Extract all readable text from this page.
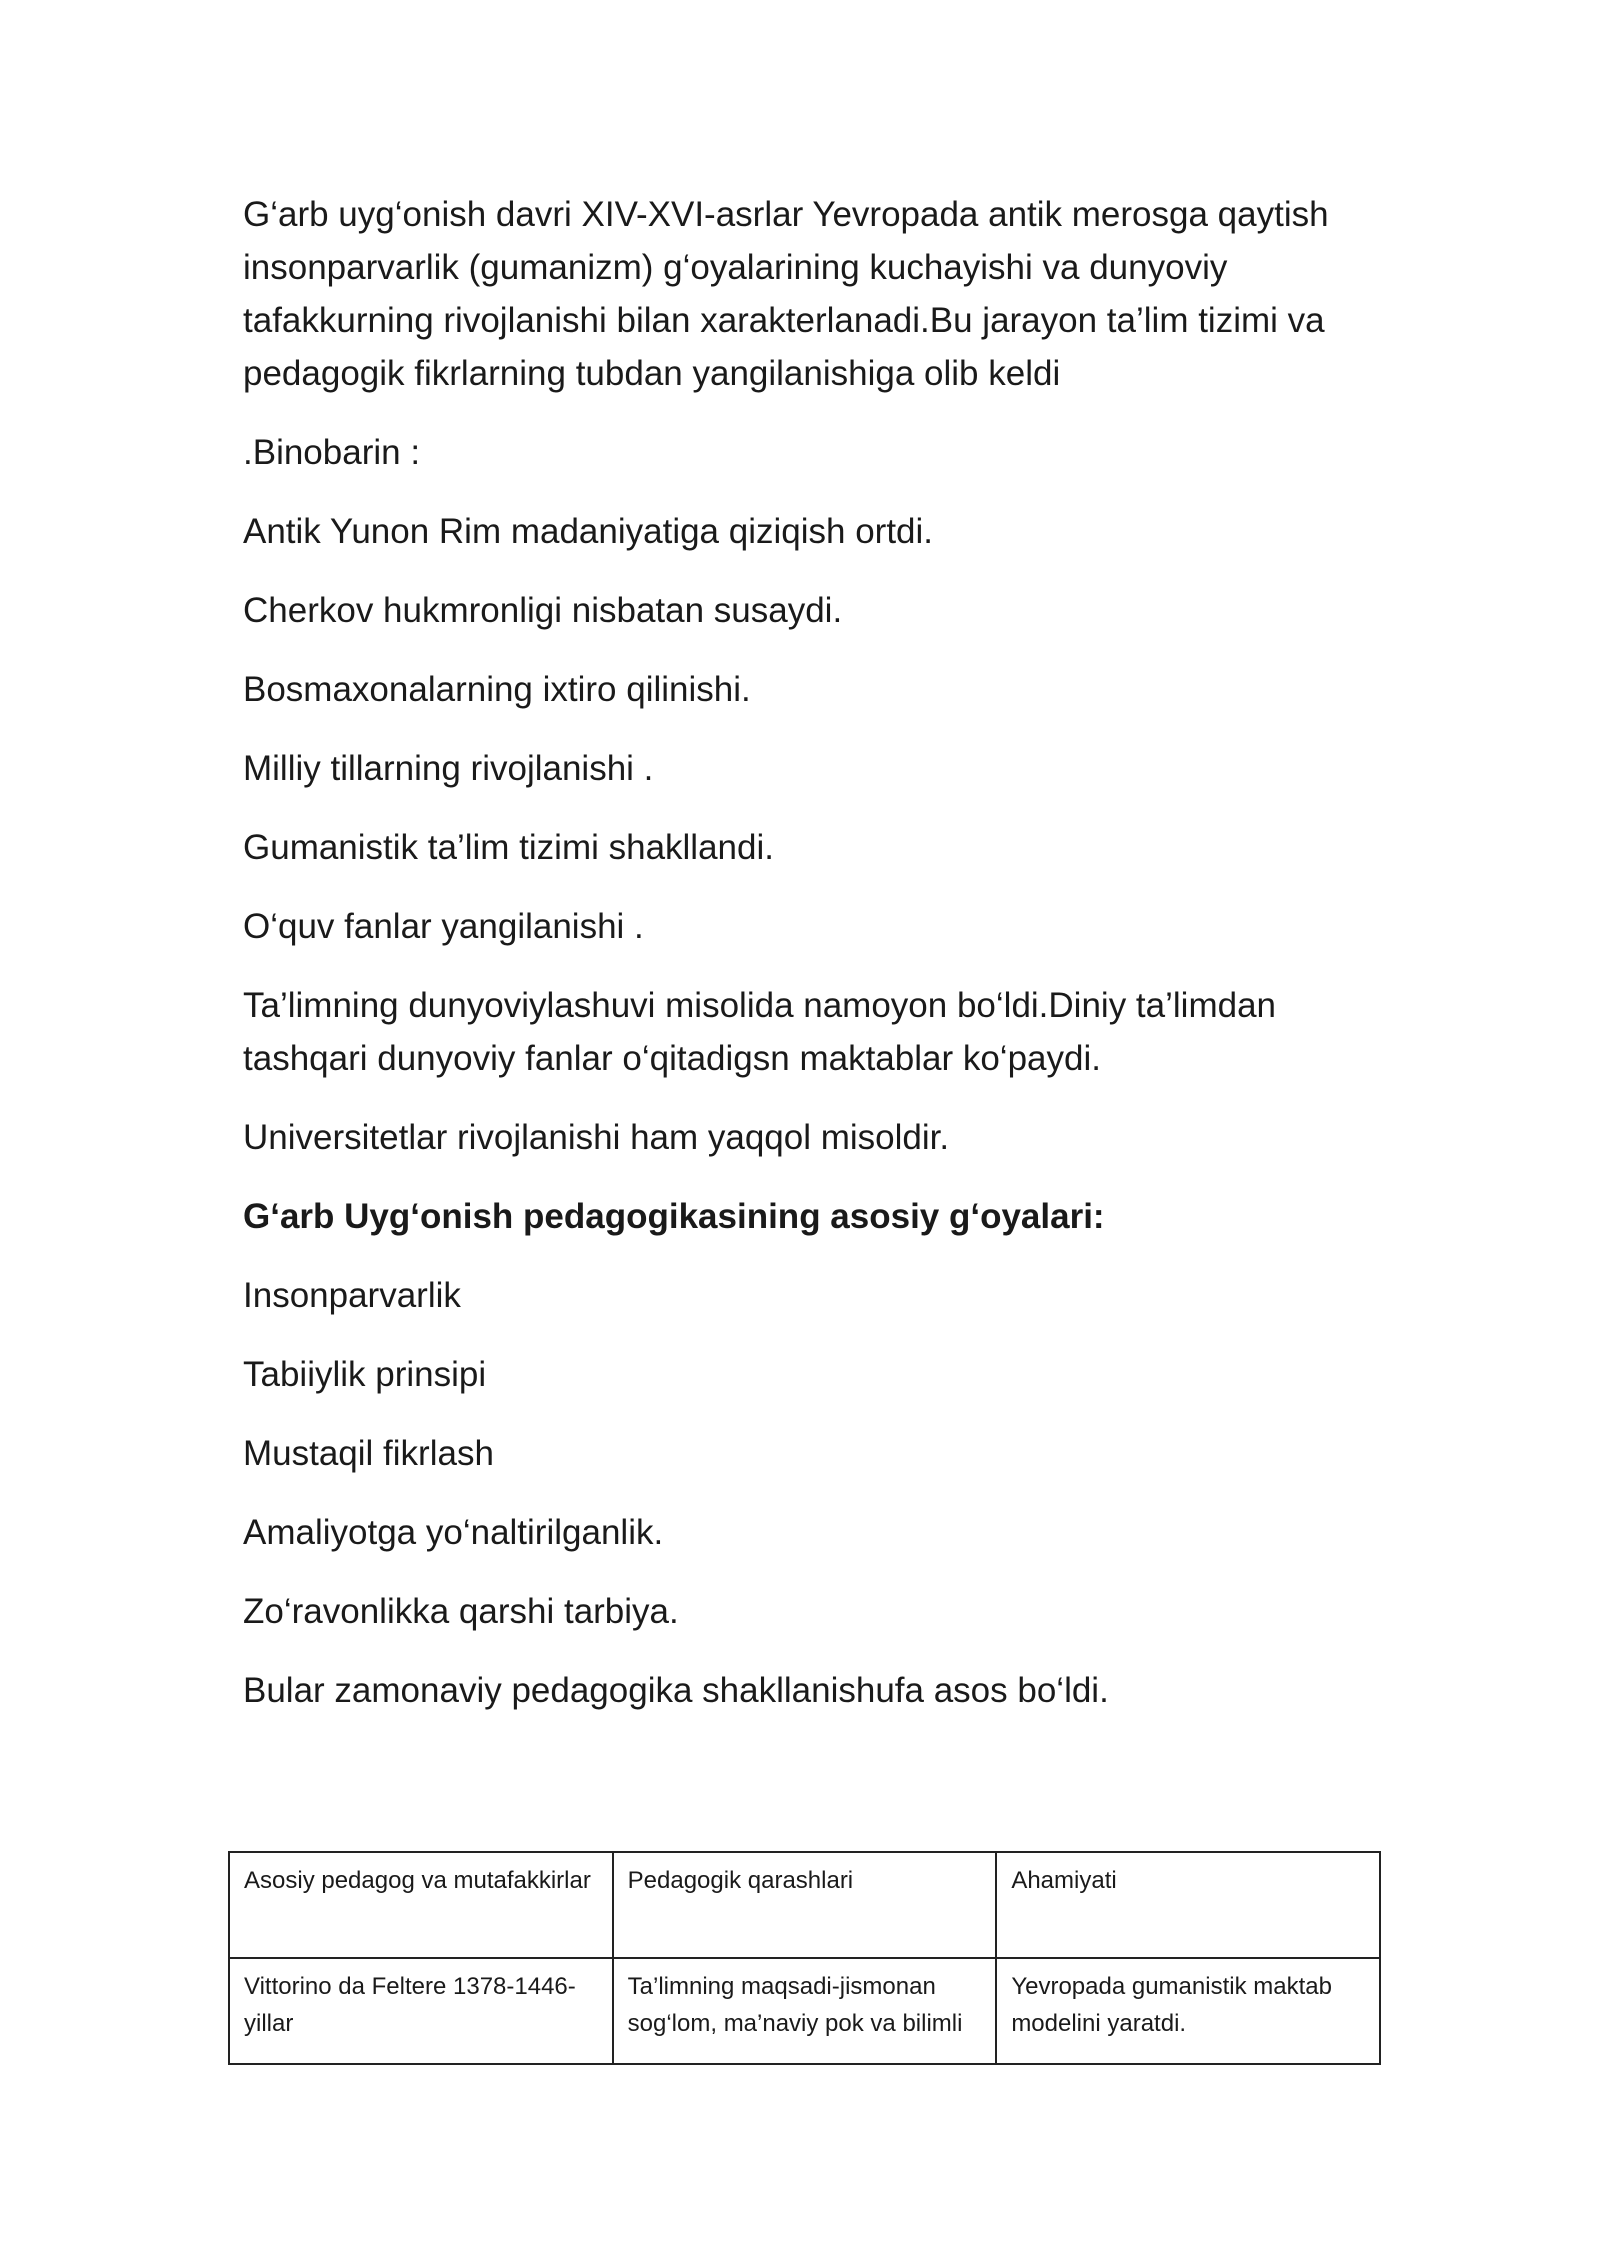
G‘arb uyg‘onish davri XIV-XVI-asrlar Yevropada antik merosga qaytish insonparvarlik (gumanizm) g‘oyalarining kuchayishi va dunyoviy tafakkurning rivojlanishi bilan xarakterlanadi.Bu jarayon ta’lim tizimi va pedagogik fikrlarning tubdan yangilanishiga olib keldi

.Binobarin :

Antik Yunon Rim madaniyatiga qiziqish ortdi.

Cherkov hukmronligi nisbatan susaydi.

Bosmaxonalarning ixtiro qilinishi.

Milliy tillarning rivojlanishi .

Gumanistik ta’lim tizimi shakllandi.

O‘quv fanlar yangilanishi .

Ta’limning dunyoviylashuvi misolida namoyon bo‘ldi.Diniy ta’limdan tashqari dunyoviy fanlar o‘qitadigsn maktablar ko‘paydi.

Universitetlar rivojlanishi ham yaqqol misoldir.

G‘arb Uyg‘onish pedagogikasining asosiy g‘oyalari:

Insonparvarlik

Tabiiylik prinsipi

Mustaqil fikrlash

Amaliyotga yo‘naltirilganlik.

Zo‘ravonlikka qarshi tarbiya.

Bular zamonaviy pedagogika shakllanishufa asos bo‘ldi.

Asosiy pedagog va mutafakkirlar	Pedagogik qarashlari	Ahamiyati
Vittorino da Feltere 1378-1446-yillar	Ta’limning maqsadi-jismonan sog‘lom, ma’naviy pok va bilimli	Yevropada gumanistik maktab modelini yaratdi.
